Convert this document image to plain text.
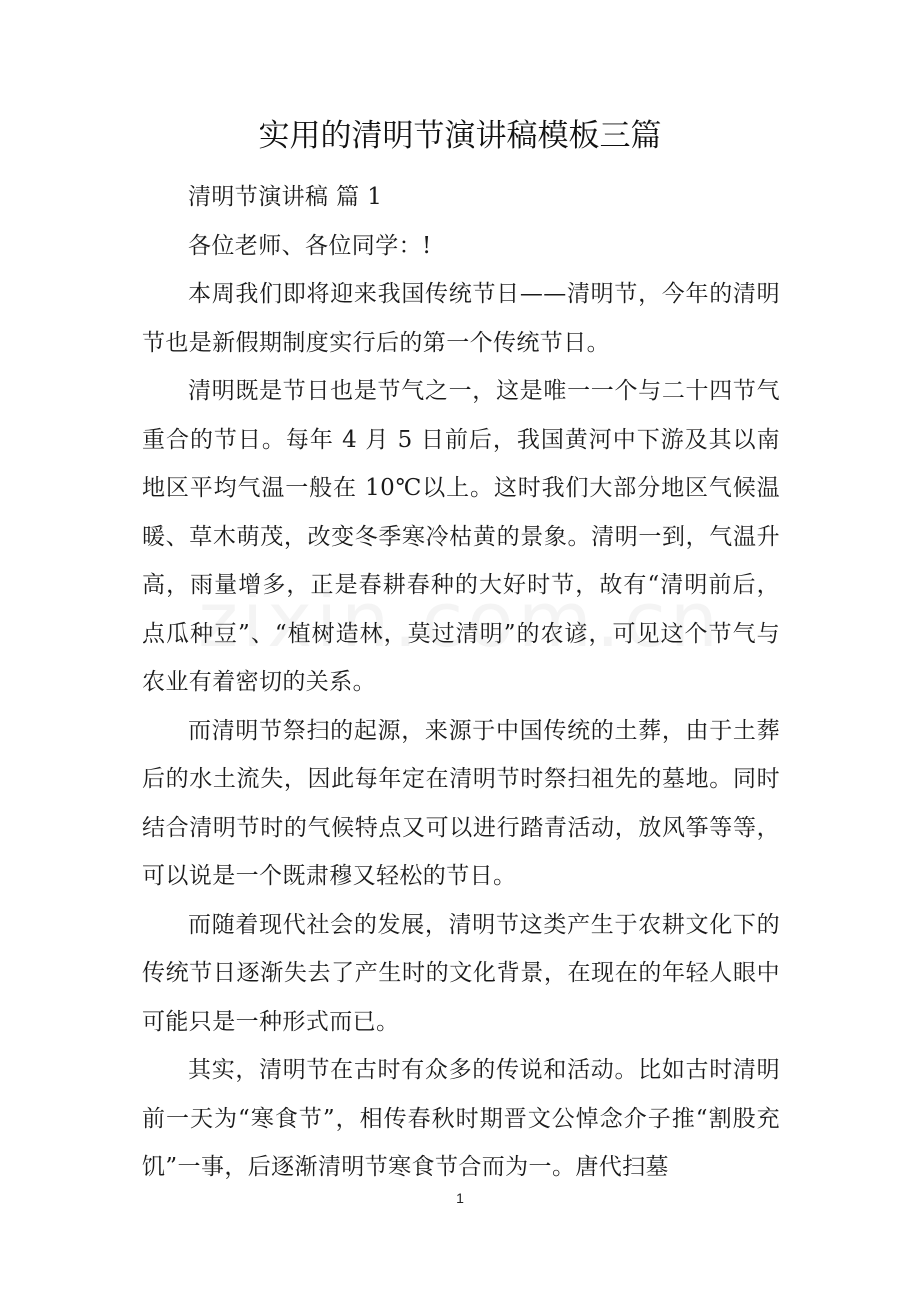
实用的清明节演讲稿模板三篇

清明节演讲稿 篇 1

各位老师、各位同学：!

本周我们即将迎来我国传统节日——清明节，今年的清明节也是新假期制度实行后的第一个传统节日。

清明既是节日也是节气之一，这是唯一一个与二十四节气重合的节日。每年 4 月 5 日前后，我国黄河中下游及其以南地区平均气温一般在 10℃以上。这时我们大部分地区气候温暖、草木萌茂，改变冬季寒冷枯黄的景象。清明一到，气温升高，雨量增多，正是春耕春种的大好时节，故有“清明前后，点瓜种豆”、“植树造林，莫过清明”的农谚，可见这个节气与农业有着密切的关系。

而清明节祭扫的起源，来源于中国传统的土葬，由于土葬后的水土流失，因此每年定在清明节时祭扫祖先的墓地。同时结合清明节时的气候特点又可以进行踏青活动，放风筝等等，可以说是一个既肃穆又轻松的节日。

而随着现代社会的发展，清明节这类产生于农耕文化下的传统节日逐渐失去了产生时的文化背景，在现在的年轻人眼中可能只是一种形式而已。

其实，清明节在古时有众多的传说和活动。比如古时清明前一天为“寒食节”，相传春秋时期晋文公悼念介子推“割股充饥”一事，后逐渐清明节寒食节合而为一。唐代扫墓

1
